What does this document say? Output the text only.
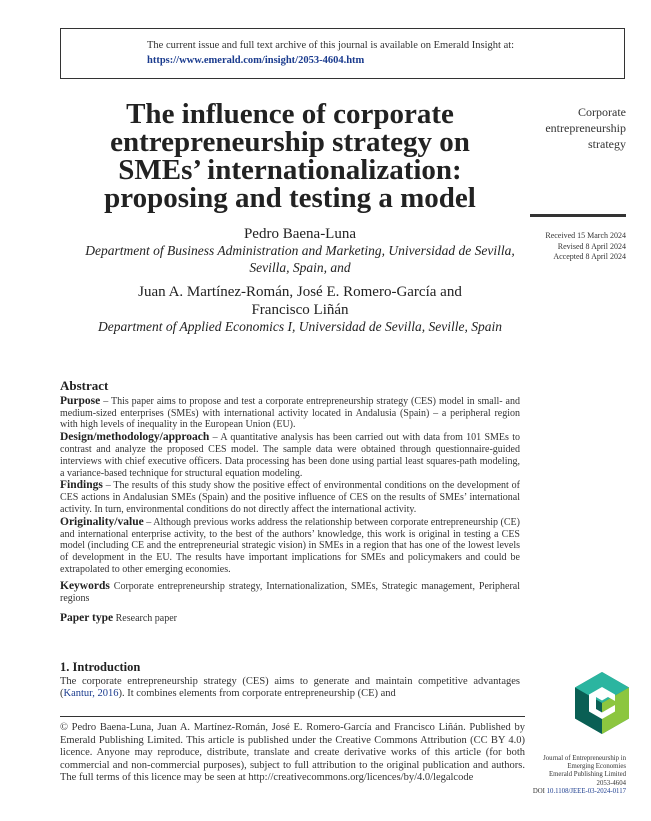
The current issue and full text archive of this journal is available on Emerald Insight at:
https://www.emerald.com/insight/2053-4604.htm
The influence of corporate
entrepreneurship strategy on
SMEs’ internationalization:
proposing and testing a model
Corporate
entrepreneurship
strategy
Received 15 March 2024
Revised 8 April 2024
Accepted 8 April 2024
Pedro Baena-Luna
Department of Business Administration and Marketing, Universidad de Sevilla,
Sevilla, Spain, and
Juan A. Martínez-Román, José E. Romero-García and
Francisco Liñán
Department of Applied Economics I, Universidad de Sevilla, Seville, Spain
Abstract

Purpose – This paper aims to propose and test a corporate entrepreneurship strategy (CES) model in small- and medium-sized enterprises (SMEs) with international activity located in Andalusia (Spain) – a peripheral region with high levels of inequality in the European Union (EU).

Design/methodology/approach – A quantitative analysis has been carried out with data from 101 SMEs to contrast and analyze the proposed CES model. The sample data were obtained through questionnaire-guided interviews with chief executive officers. Data processing has been done using partial least squares-path modeling, a variance-based technique for structural equation modeling.

Findings – The results of this study show the positive effect of environmental conditions on the development of CES actions in Andalusian SMEs (Spain) and the positive influence of CES on the results of SMEs’ international activity. In turn, environmental conditions do not directly affect the international activity.

Originality/value – Although previous works address the relationship between corporate entrepreneurship (CE) and international enterprise activity, to the best of the authors’ knowledge, this work is original in testing a CES model (including CE and the entrepreneurial strategic vision) in SMEs in a region that has one of the lowest levels of development in the EU. The results have important implications for SMEs and policymakers and could be extrapolated to other emerging economies.

Keywords Corporate entrepreneurship strategy, Internationalization, SMEs, Strategic management, Peripheral regions

Paper type Research paper

1. Introduction
The corporate entrepreneurship strategy (CES) aims to generate and maintain competitive advantages (Kantur, 2016). It combines elements from corporate entrepreneurship (CE) and
© Pedro Baena-Luna, Juan A. Martínez-Román, José E. Romero-García and Francisco Liñán. Published by Emerald Publishing Limited. This article is published under the Creative Commons Attribution (CC BY 4.0) licence. Anyone may reproduce, distribute, translate and create derivative works of this article (for both commercial and non-commercial purposes), subject to full attribution to the original publication and authors. The full terms of this licence may be seen at http://creativecommons.org/licences/by/4.0/legalcode
Journal of Entrepreneurship in
Emerging Economies
Emerald Publishing Limited
2053-4604
DOI 10.1108/JEEE-03-2024-0117
